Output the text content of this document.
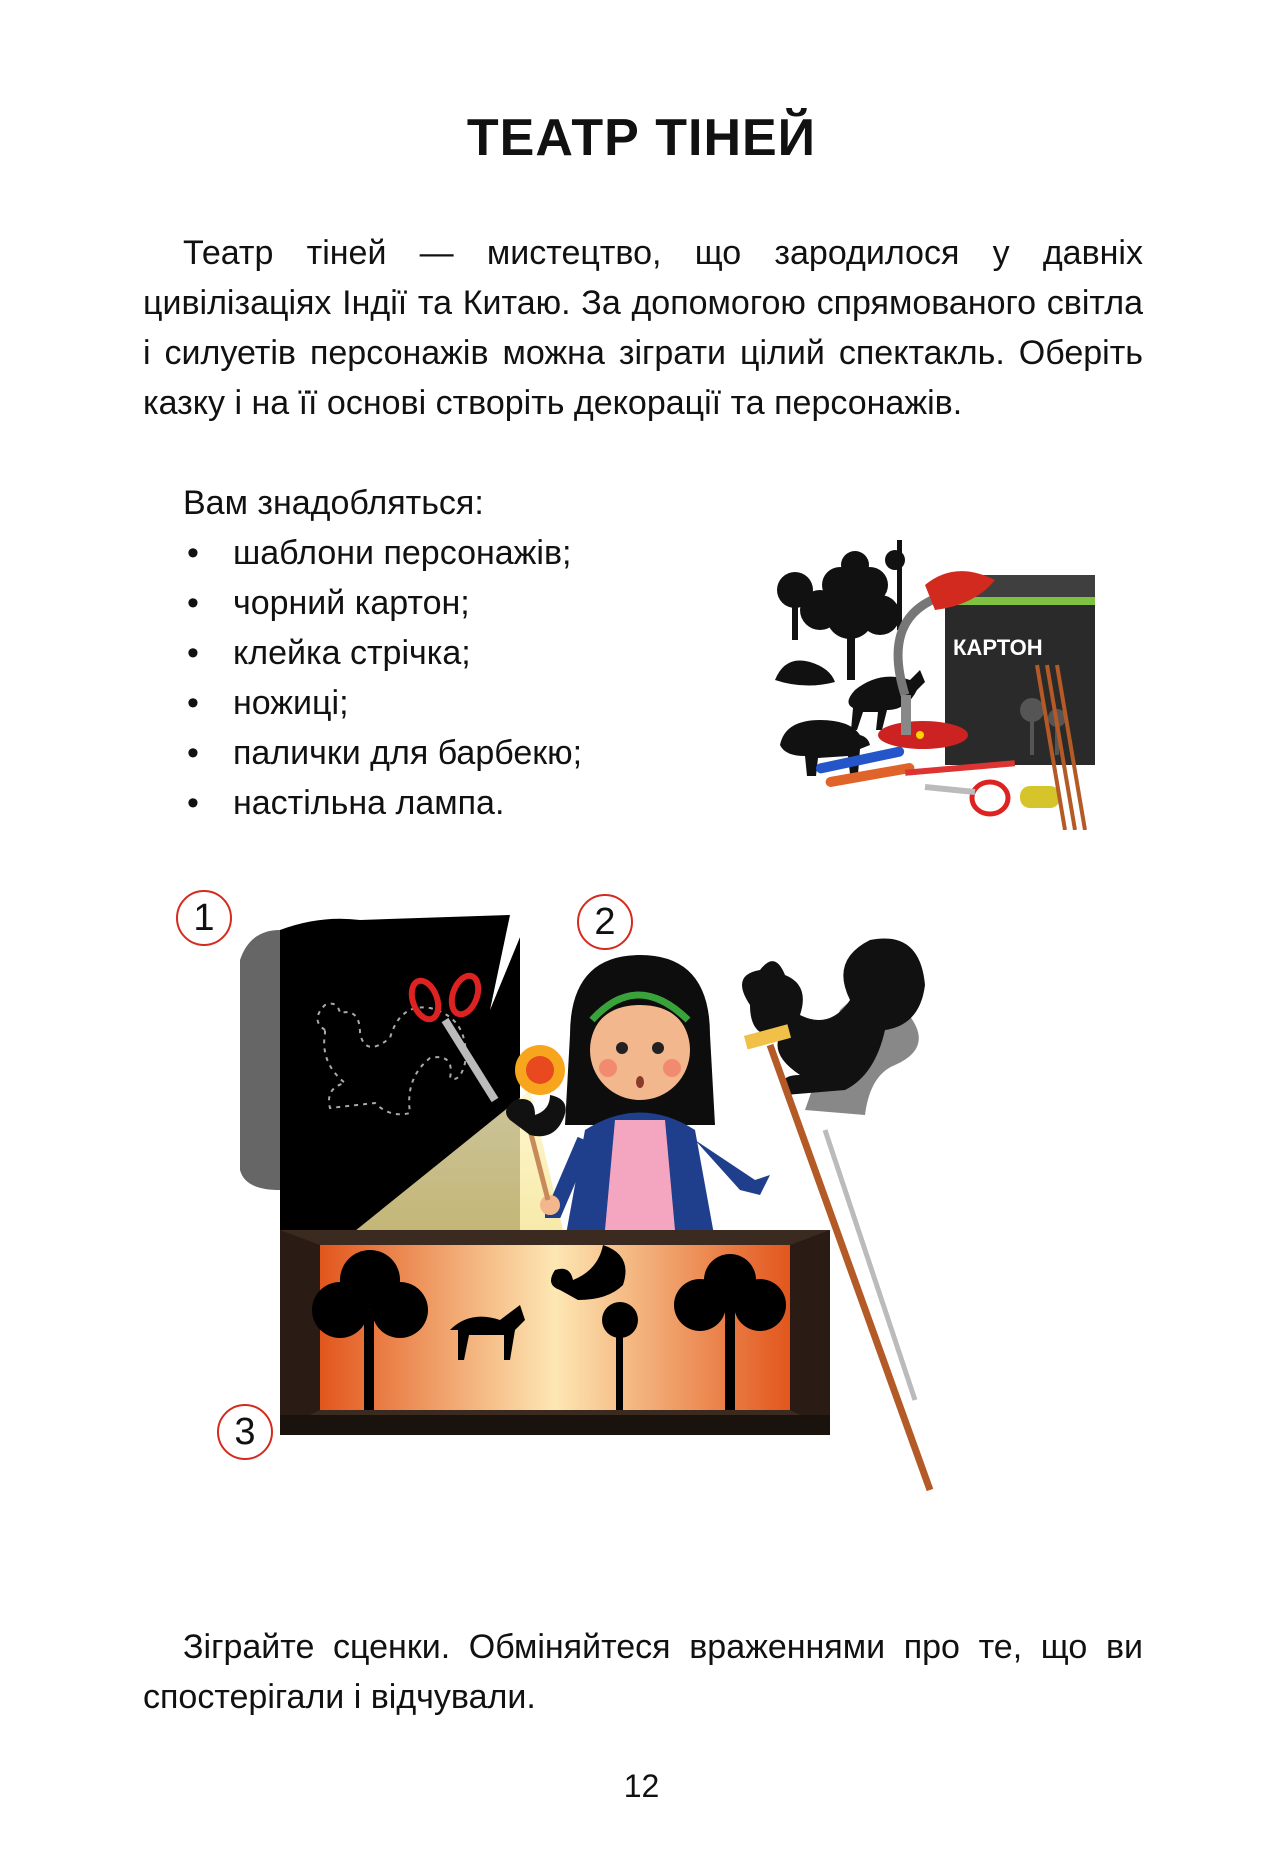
ТЕАТР ТІНЕЙ

Театр тіней — мистецтво, що зародилося у давніх цивілізаціях Індії та Китаю. За допомогою спрямованого світла і силуетів персонажів можна зіграти цілий спектакль. Оберіть казку і на її основі створіть декорації та персонажів.

Вам знадобляться:
• шаблони персонажів;
• чорний картон;
• клейка стрічка;
• ножиці;
• палички для барбекю;
• настільна лампа.
КАРТОН
1	2
3

Зіграйте сценки. Обміняйтеся враженнями про те, що ви спостерігали і відчували.

12
